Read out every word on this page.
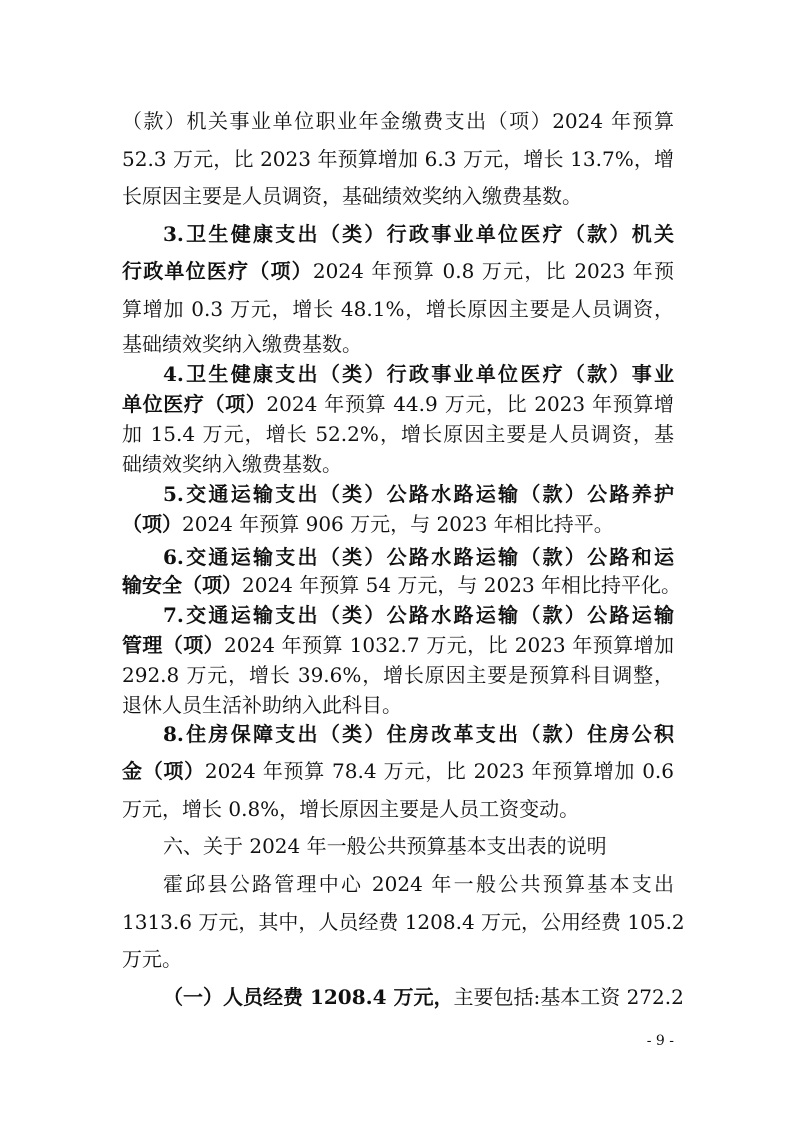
（款）机关事业单位职业年金缴费支出（项）2024 年预算
52.3 万元，比 2023 年预算增加 6.3 万元，增长 13.7%，增
长原因主要是人员调资，基础绩效奖纳入缴费基数。
3.卫生健康支出（类）行政事业单位医疗（款）机关
行政单位医疗（项）2024 年预算 0.8 万元，比 2023 年预
算增加 0.3 万元，增长 48.1%，增长原因主要是人员调资，
基础绩效奖纳入缴费基数。
4.卫生健康支出（类）行政事业单位医疗（款）事业
单位医疗（项）2024 年预算 44.9 万元，比 2023 年预算增
加 15.4 万元，增长 52.2%，增长原因主要是人员调资，基
础绩效奖纳入缴费基数。
5.交通运输支出（类）公路水路运输（款）公路养护
（项）2024 年预算 906 万元，与 2023 年相比持平。
6.交通运输支出（类）公路水路运输（款）公路和运
输安全（项）2024 年预算 54 万元，与 2023 年相比持平化。
7.交通运输支出（类）公路水路运输（款）公路运输
管理（项）2024 年预算 1032.7 万元，比 2023 年预算增加
292.8 万元，增长 39.6%，增长原因主要是预算科目调整，
退休人员生活补助纳入此科目。
8.住房保障支出（类）住房改革支出（款）住房公积
金（项）2024 年预算 78.4 万元，比 2023 年预算增加 0.6
万元，增长 0.8%，增长原因主要是人员工资变动。
六、关于 2024 年一般公共预算基本支出表的说明
霍邱县公路管理中心 2024 年一般公共预算基本支出
1313.6 万元，其中，人员经费 1208.4 万元，公用经费 105.2
万元。
（一）人员经费 1208.4 万元，主要包括:基本工资 272.2
- 9 -
